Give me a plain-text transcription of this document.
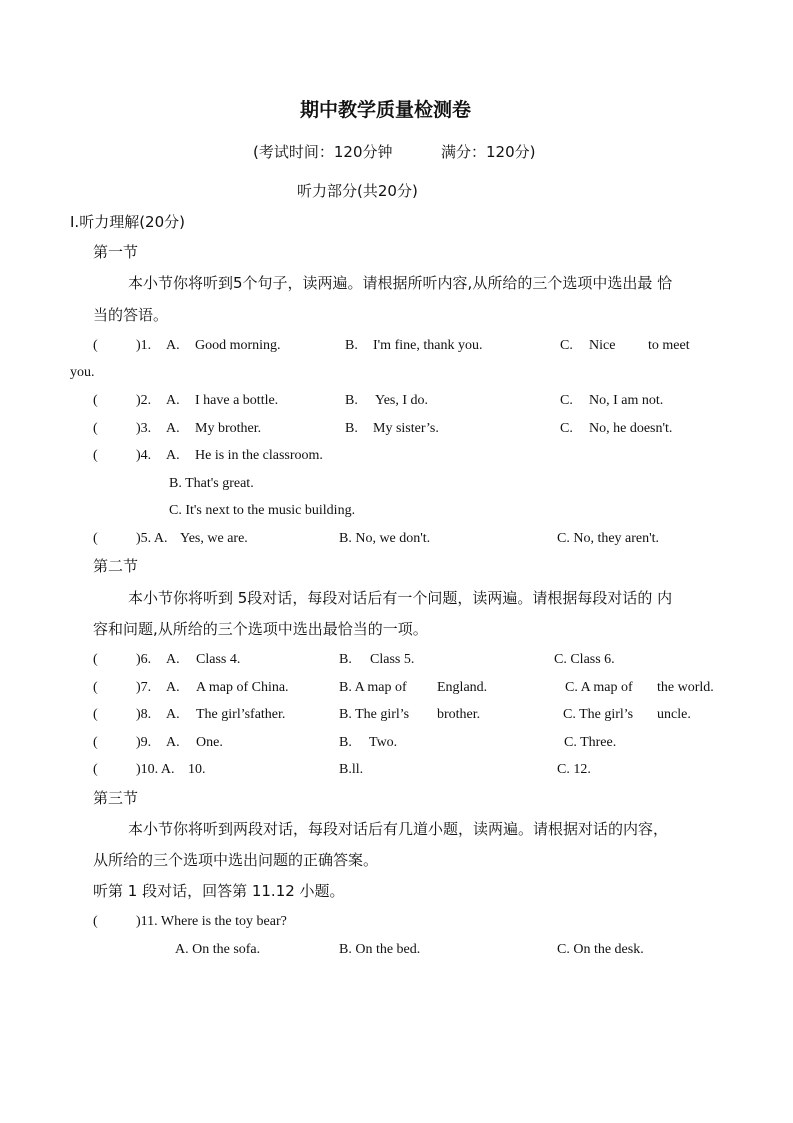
期中教学质量检测卷
(考试时间：120分钟	满分：120分)
听力部分(共20分)
I.听力理解(20分)
第一节
本小节你将听到5个句子，读两遍。请根据所听内容,从所给的三个选项中选出最 恰
当的答语。
(	)1. A. Good morning.	B. I'm fine, thank you.	C. Nice to meet
you.
(	)2. A. I have a bottle.	B. Yes, I do.	C. No, I am not.
(	)3. A. My brother.	B. My sister’s.	C. No, he doesn't.
(	)4. A. He is in the classroom.
B. That's great.
C. It's next to the music building.
(	)5. A. Yes, we are.	B. No, we don't.	C. No, they aren't.
第二节
本小节你将听到 5段对话，每段对话后有一个问题，读两遍。请根据每段对话的 内
容和问题,从所给的三个选项中选出最恰当的一项。
(	)6. A. Class 4.	B. Class 5.	C. Class 6.
(	)7. A. A map of China.	B. A map of England.	C. A map of the world.
(	)8. A. The girl’sfather.	B. The girl’s brother.	C. The girl’s uncle.
(	)9. A. One.	B. Two.	C. Three.
(	)10. A. 10.	B.ll.	C. 12.
第三节
本小节你将听到两段对话，每段对话后有几道小题，读两遍。请根据对话的内容，
从所给的三个选项中选出问题的正确答案。
听第 1 段对话，回答第 11.12 小题。
(	)11. Where is the toy bear?
A. On the sofa.	B. On the bed.	C. On the desk.
